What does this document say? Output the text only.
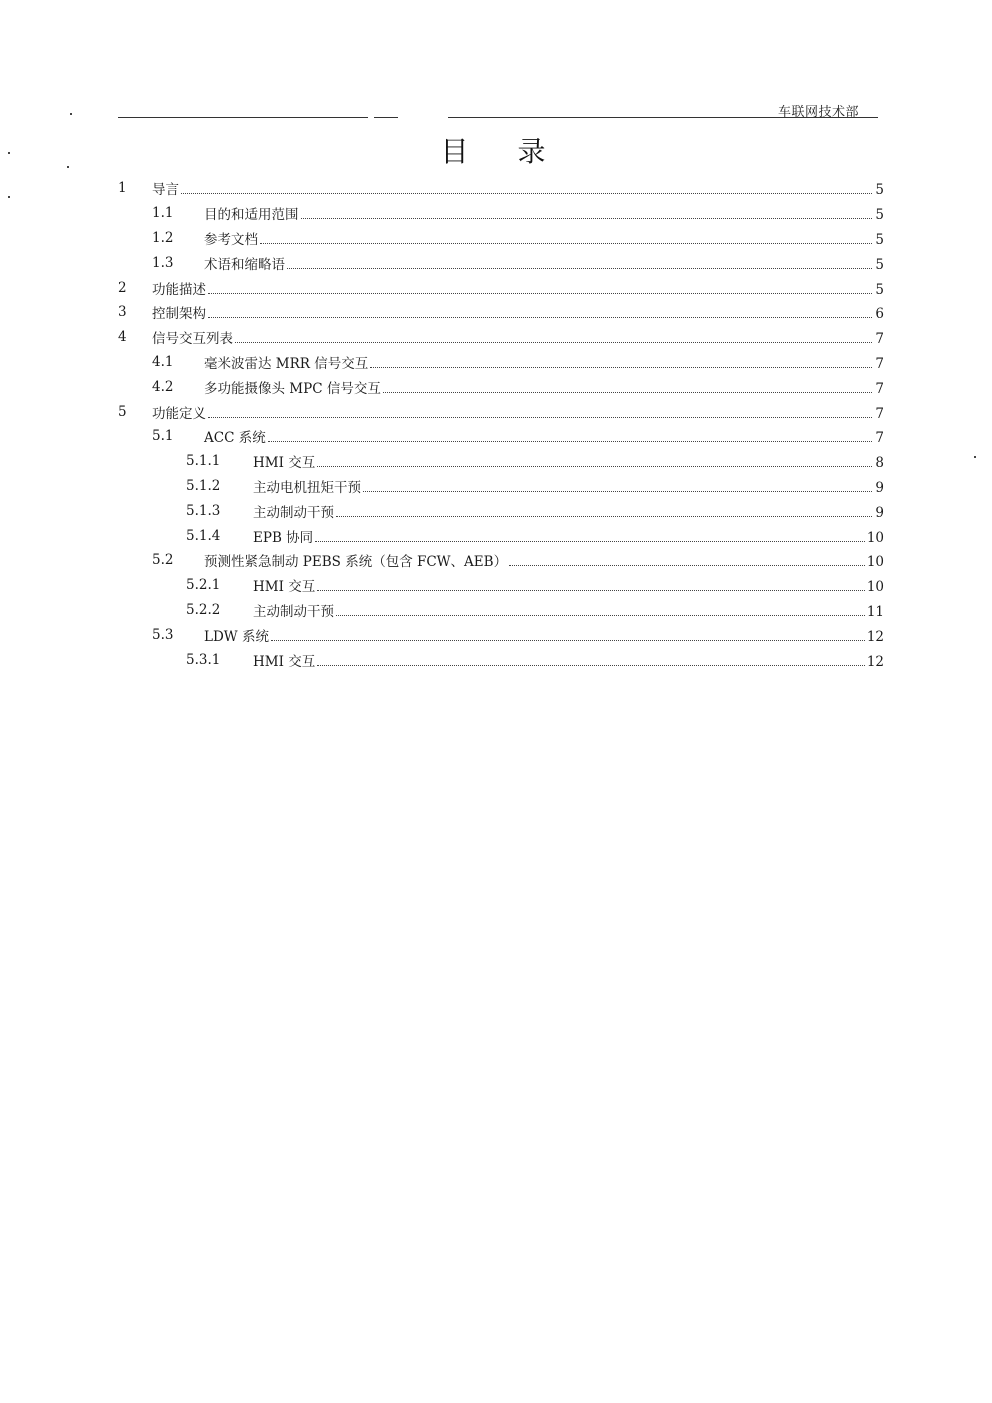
车联网技术部
目 录
1 导言	5
1.1 目的和适用范围	5
1.2 参考文档	5
1.3 术语和缩略语	5
2 功能描述	5
3 控制架构	6
4 信号交互列表	7
4.1 毫米波雷达 MRR 信号交互	7
4.2 多功能摄像头 MPC 信号交互	7
5 功能定义	7
5.1 ACC 系统	7
5.1.1 HMI 交互	8
5.1.2 主动电机扭矩干预	9
5.1.3 主动制动干预	9
5.1.4 EPB 协同	10
5.2 预测性紧急制动 PEBS 系统（包含 FCW、AEB）	10
5.2.1 HMI 交互	10
5.2.2 主动制动干预	11
5.3 LDW 系统	12
5.3.1 HMI 交互	12
